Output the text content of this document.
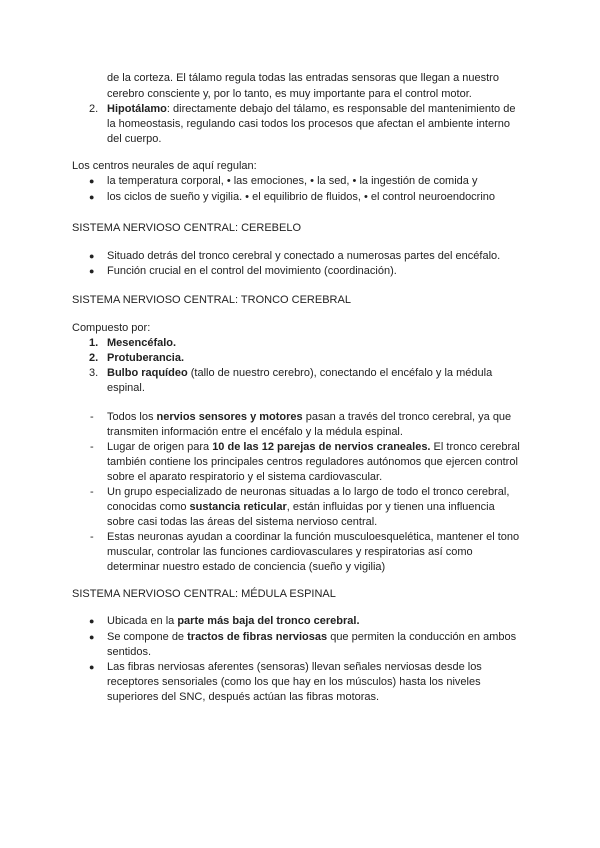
de la corteza. El tálamo regula todas las entradas sensoras que llegan a nuestro
cerebro consciente y, por lo tanto, es muy importante para el control motor.
2. Hipotálamo: directamente debajo del tálamo, es responsable del mantenimiento de
la homeostasis, regulando casi todos los procesos que afectan el ambiente interno
del cuerpo.
Los centros neurales de aquí regulan:
● la temperatura corporal, • las emociones, • la sed, • la ingestión de comida y
● los ciclos de sueño y vigilia. • el equilibrio de fluidos, • el control neuroendocrino
SISTEMA NERVIOSO CENTRAL: CEREBELO
● Situado detrás del tronco cerebral y conectado a numerosas partes del encéfalo.
● Función crucial en el control del movimiento (coordinación).
SISTEMA NERVIOSO CENTRAL: TRONCO CEREBRAL
Compuesto por:
1. Mesencéfalo.
2. Protuberancia.
3. Bulbo raquídeo (tallo de nuestro cerebro), conectando el encéfalo y la médula
espinal.
- Todos los nervios sensores y motores pasan a través del tronco cerebral, ya que
transmiten información entre el encéfalo y la médula espinal.
- Lugar de origen para 10 de las 12 parejas de nervios craneales. El tronco cerebral
también contiene los principales centros reguladores autónomos que ejercen control
sobre el aparato respiratorio y el sistema cardiovascular.
- Un grupo especializado de neuronas situadas a lo largo de todo el tronco cerebral,
conocidas como sustancia reticular, están influidas por y tienen una influencia
sobre casi todas las áreas del sistema nervioso central.
- Estas neuronas ayudan a coordinar la función musculoesquelética, mantener el tono
muscular, controlar las funciones cardiovasculares y respiratorias así como
determinar nuestro estado de conciencia (sueño y vigilia)
SISTEMA NERVIOSO CENTRAL: MÉDULA ESPINAL
● Ubicada en la parte más baja del tronco cerebral.
● Se compone de tractos de fibras nerviosas que permiten la conducción en ambos
sentidos.
● Las fibras nerviosas aferentes (sensoras) llevan señales nerviosas desde los
receptores sensoriales (como los que hay en los músculos) hasta los niveles
superiores del SNC, después actúan las fibras motoras.
